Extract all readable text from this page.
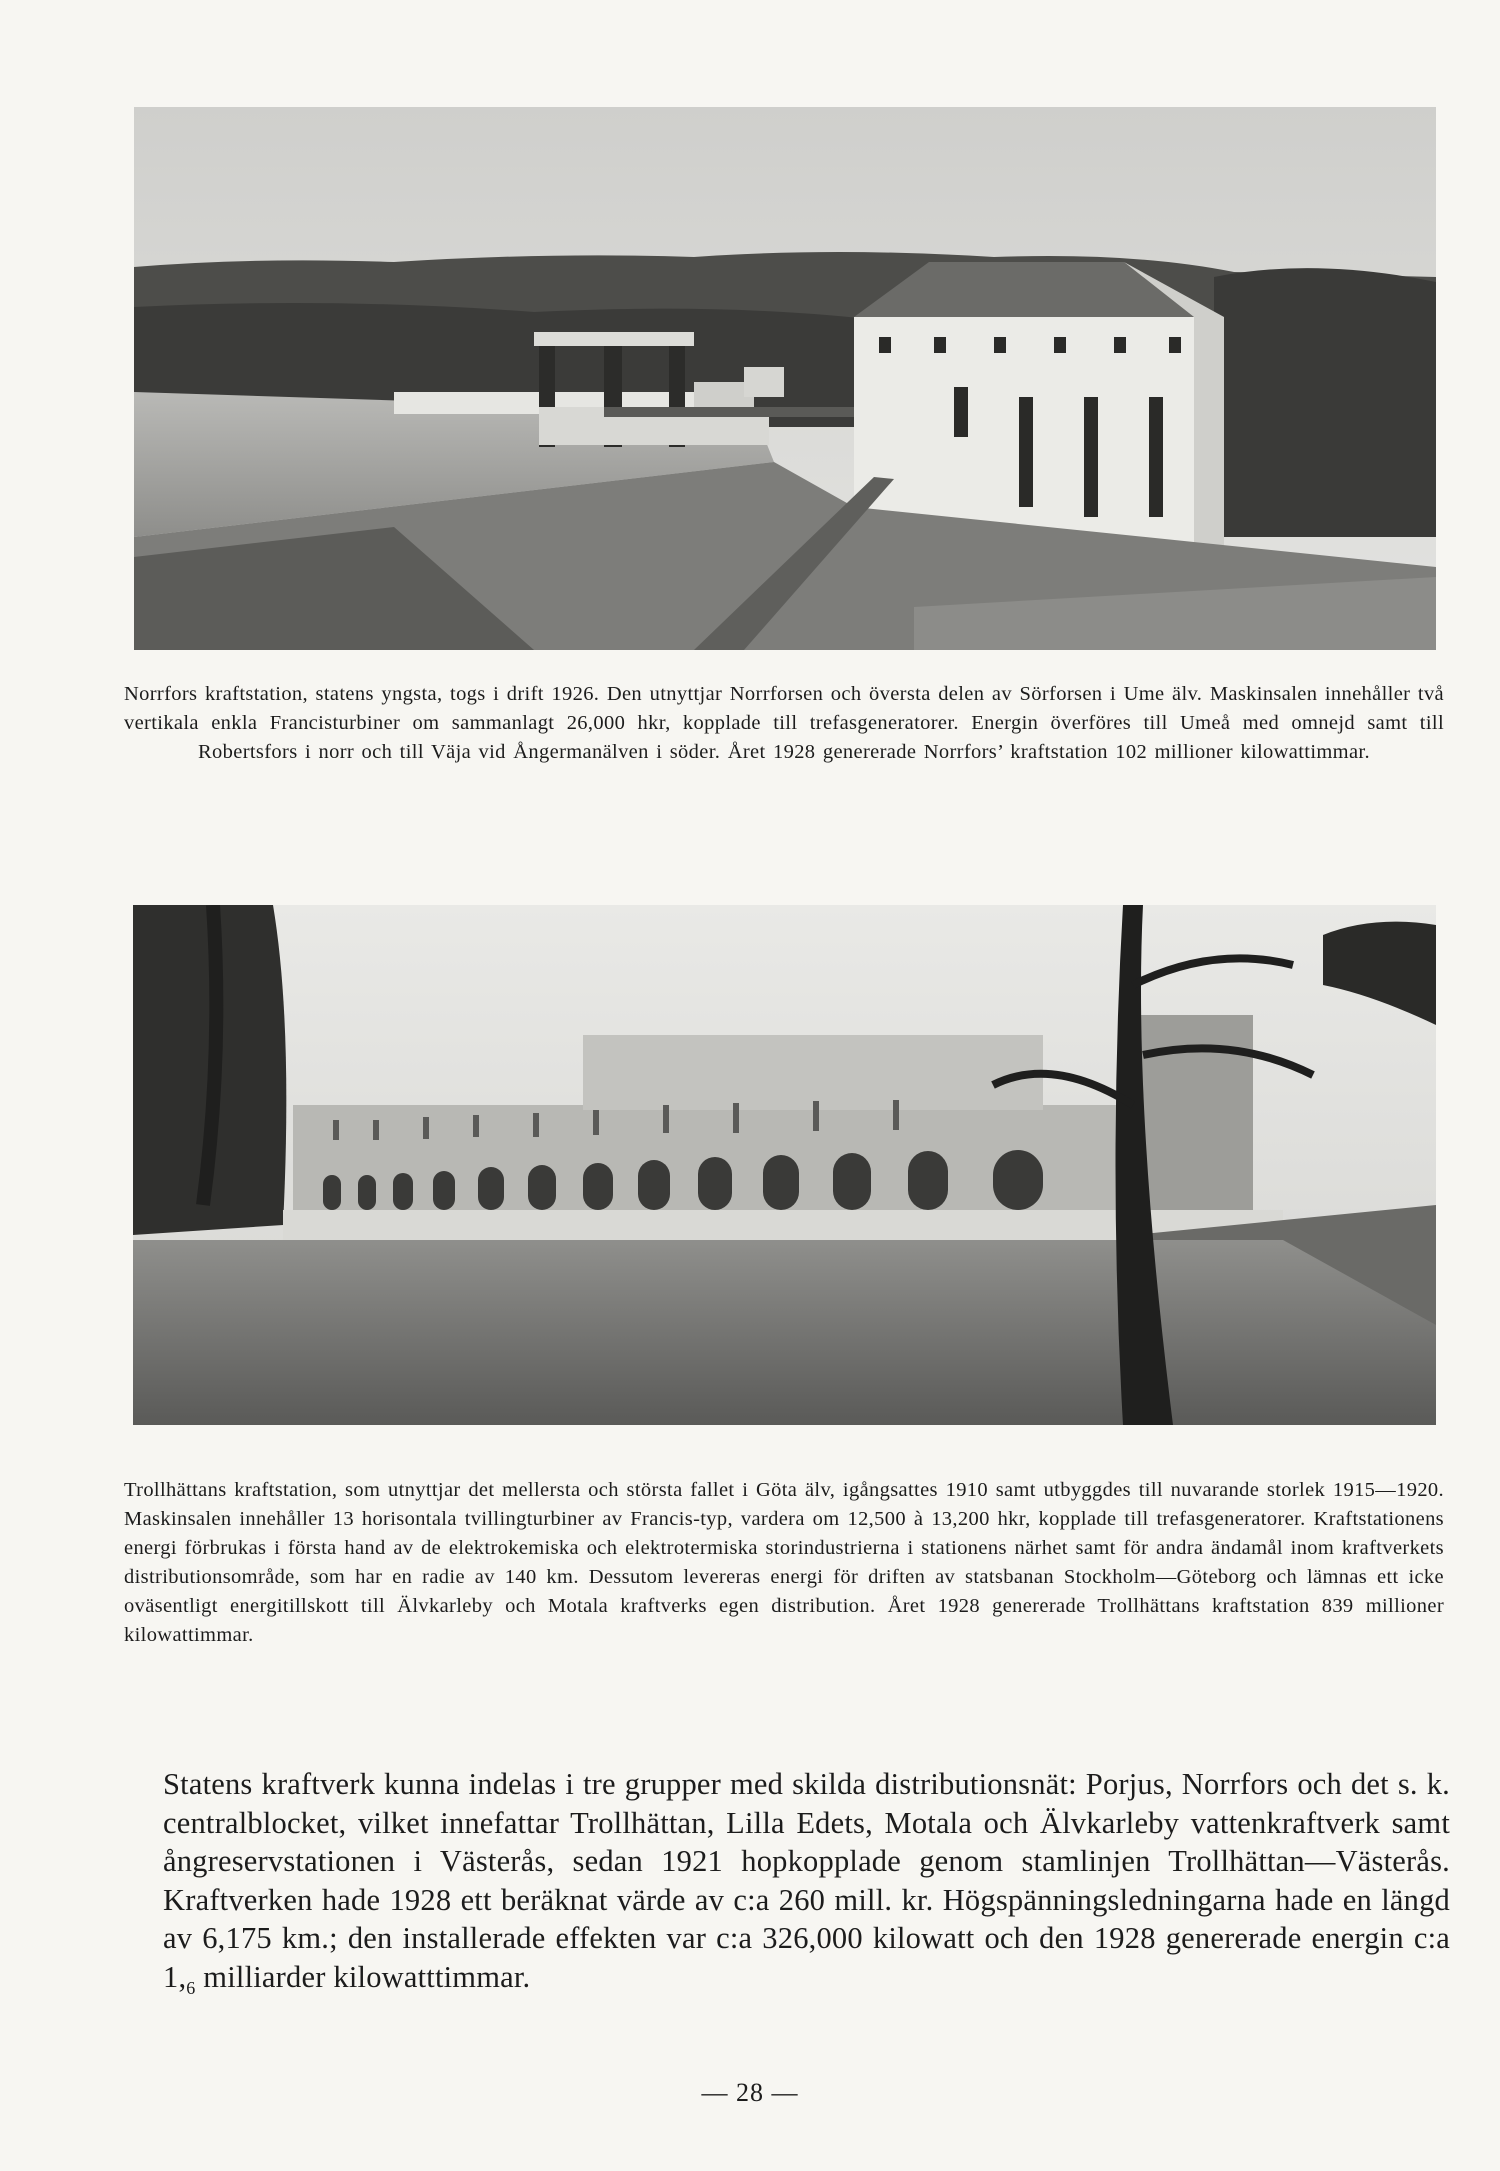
Norrfors kraftstation, statens yngsta, togs i drift 1926. Den utnyttjar Norrforsen och översta delen av Sörforsen i Ume älv. Maskinsalen innehåller två vertikala enkla Francisturbiner om sammanlagt 26,000 hkr, kopplade till trefasgeneratorer. Energin överföres till Umeå med omnejd samt till Robertsfors i norr och till Väja vid Ångermanälven i söder. Året 1928 genererade Norrfors’ kraftstation 102 millioner kilowattimmar.
Trollhättans kraftstation, som utnyttjar det mellersta och största fallet i Göta älv, igångsattes 1910 samt utbyggdes till nuvarande storlek 1915—1920. Maskinsalen innehåller 13 horisontala tvillingturbiner av Francis-typ, vardera om 12,500 à 13,200 hkr, kopplade till trefasgeneratorer. Kraftstationens energi förbrukas i första hand av de elektrokemiska och elektrotermiska storindustrierna i stationens närhet samt för andra ändamål inom kraftverkets distributionsområde, som har en radie av 140 km. Dessutom levereras energi för driften av statsbanan Stockholm—Göteborg och lämnas ett icke oväsentligt energitillskott till Älvkarleby och Motala kraftverks egen distribution. Året 1928 genererade Trollhättans kraftstation 839 millioner kilowattimmar.
Statens kraftverk kunna indelas i tre grupper med skilda distributionsnät: Porjus, Norrfors och det s. k. centralblocket, vilket innefattar Trollhättan, Lilla Edets, Motala och Älvkarleby vattenkraftverk samt ångreservstationen i Västerås, sedan 1921 hopkopplade genom stamlinjen Trollhättan—Västerås. Kraftverken hade 1928 ett beräknat värde av c:a 260 mill. kr. Högspänningsledningarna hade en längd av 6,175 km.; den installerade effekten var c:a 326,000 kilowatt och den 1928 genererade energin c:a $1,_6$ milliarder kilowatttimmar.
— 28 —
